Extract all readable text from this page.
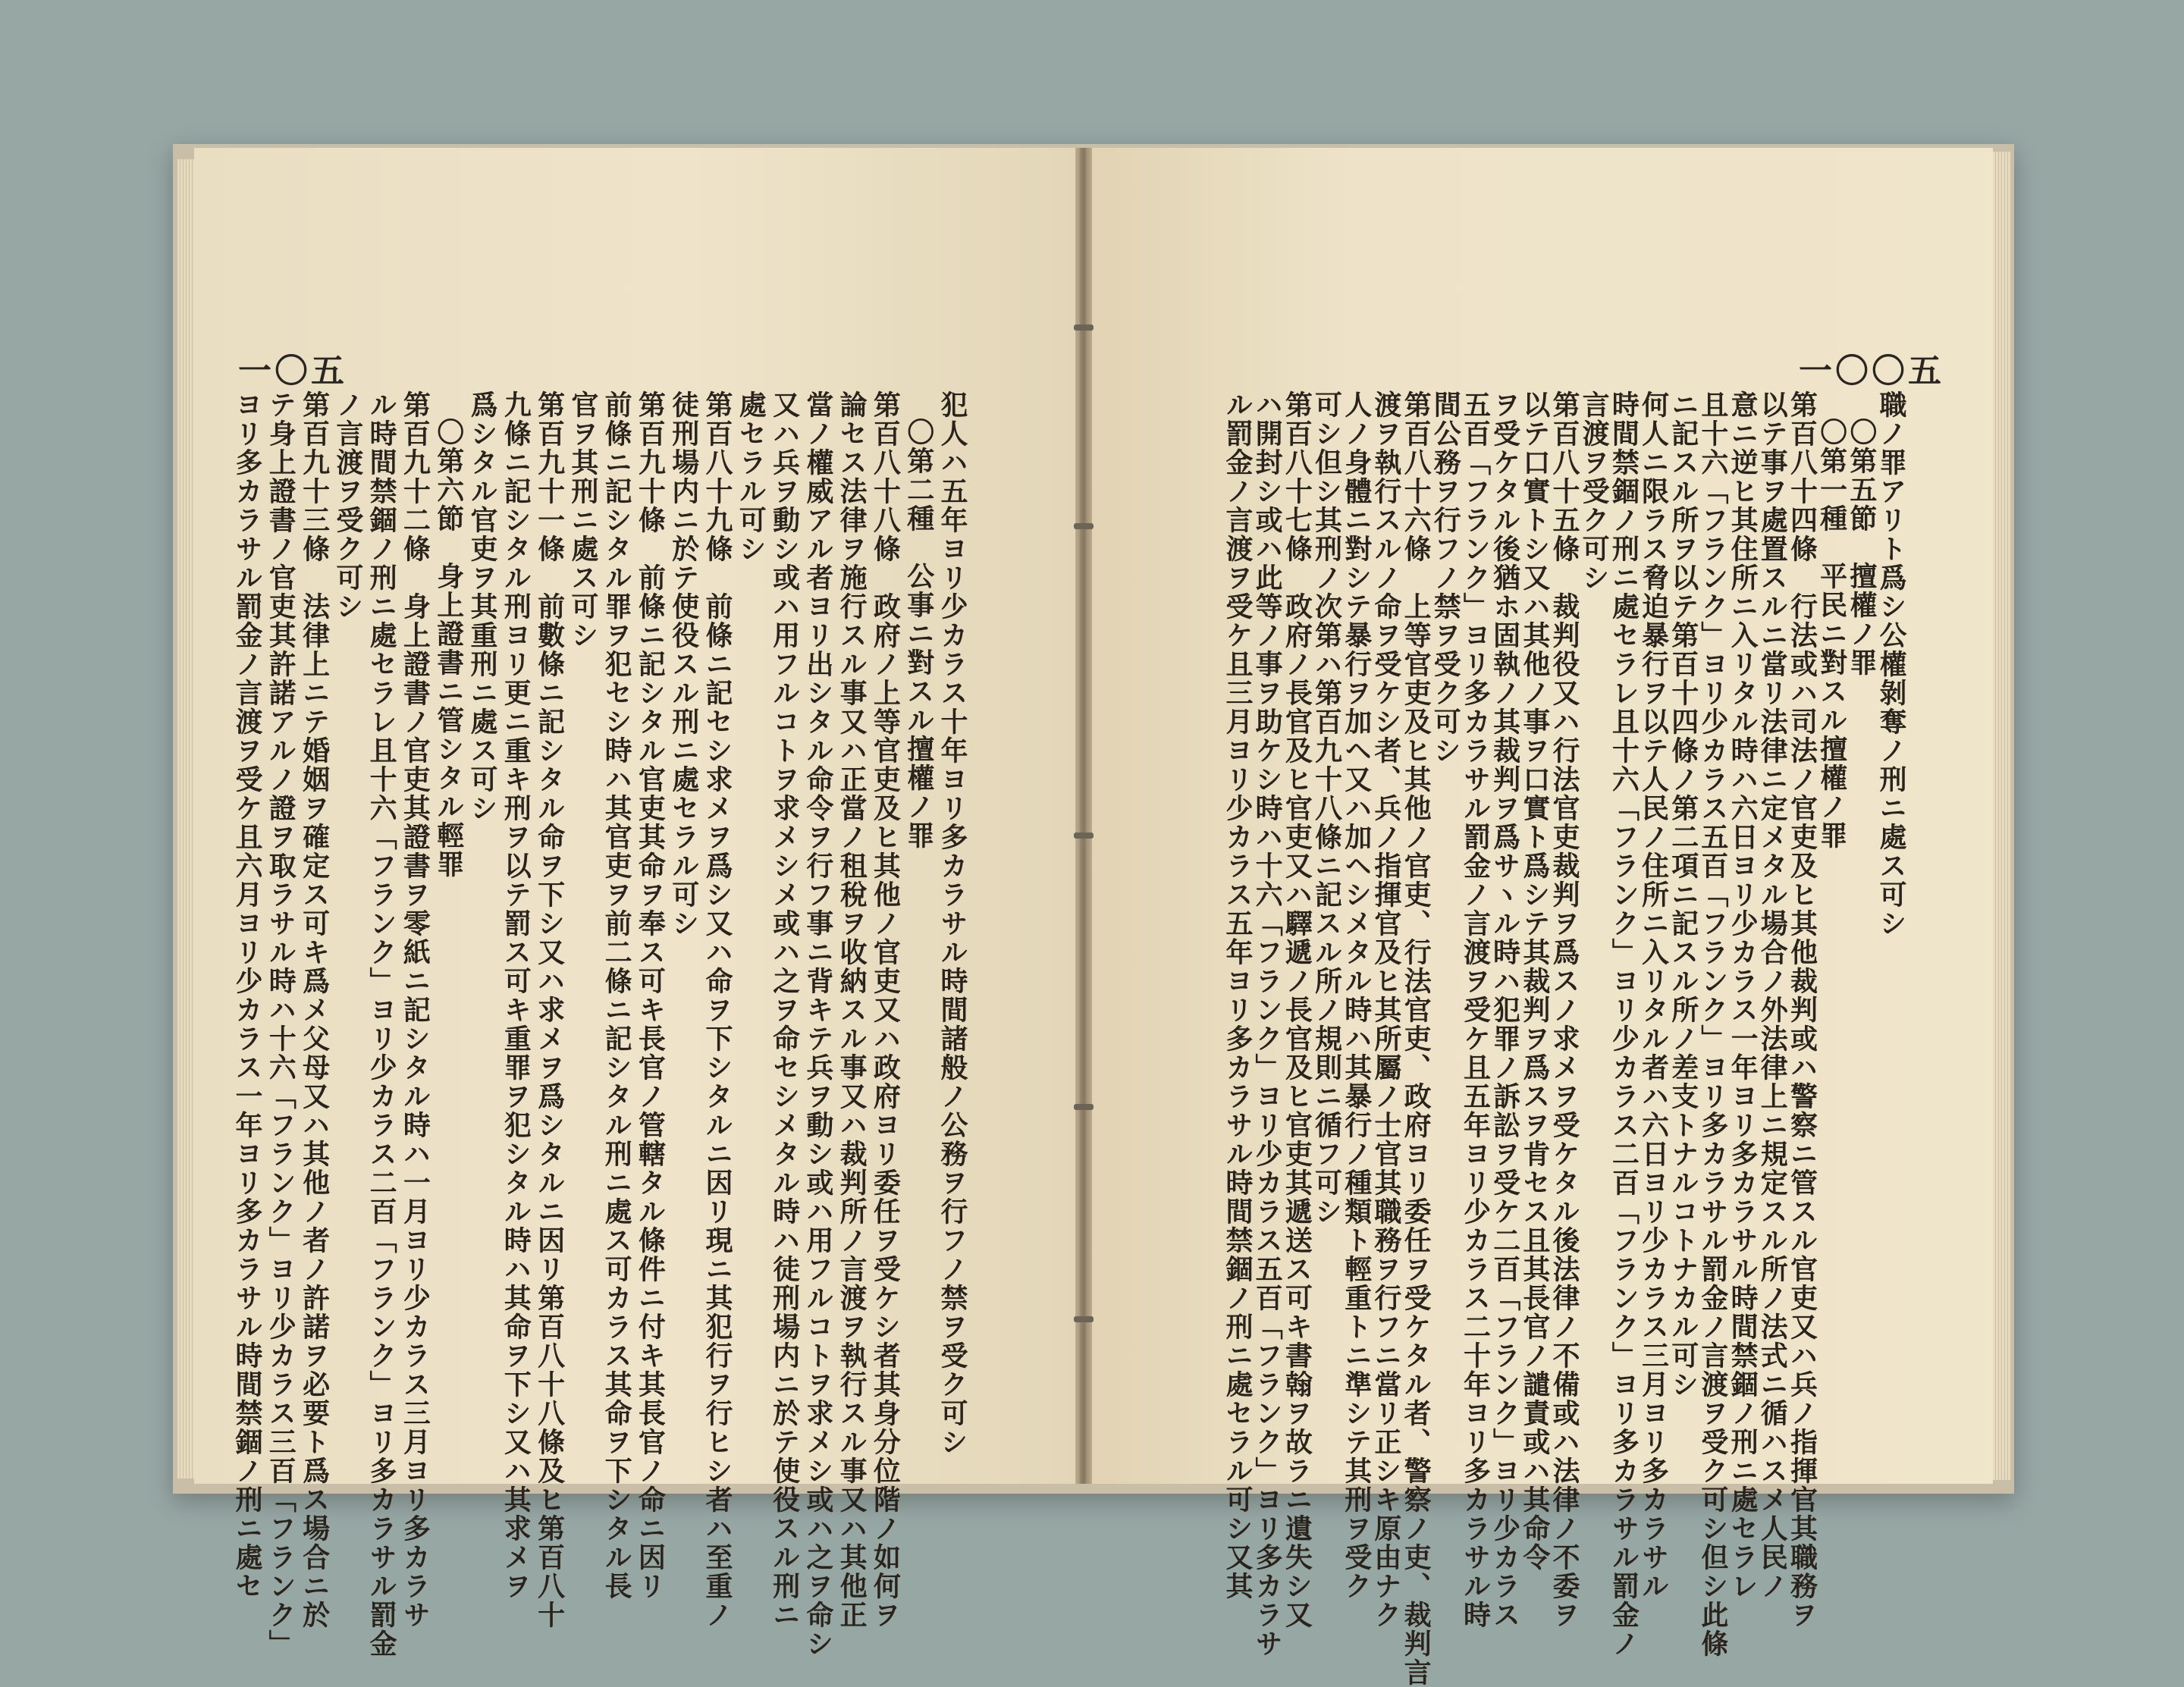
一〇五
犯人ハ五年ヨリ少カラス十年ヨリ多カラサル時間諸般ノ公務ヲ行フノ禁ヲ受ク可シ
〇第二種　公事ニ對スル擅權ノ罪
第百八十八條　政府ノ上等官吏及ヒ其他ノ官吏又ハ政府ヨリ委任ヲ受ケシ者其身分位階ノ如何ヲ
論セス法律ヲ施行スル事又ハ正當ノ租稅ヲ收納スル事又ハ裁判所ノ言渡ヲ執行スル事又ハ其他正
當ノ權威アル者ヨリ出シタル命令ヲ行フ事ニ背キテ兵ヲ動シ或ハ用フルコトヲ求メシ或ハ之ヲ命シ
又ハ兵ヲ動シ或ハ用フルコトヲ求メシメ或ハ之ヲ命セシメタル時ハ徒刑場内ニ於テ使役スル刑ニ
處セラル可シ
第百八十九條　前條ニ記セシ求メヲ爲シ又ハ命ヲ下シタルニ因リ現ニ其犯行ヲ行ヒシ者ハ至重ノ
徒刑場内ニ於テ使役スル刑ニ處セラル可シ
第百九十條　前條ニ記シタル官吏其命ヲ奉ス可キ長官ノ管轄タル條件ニ付キ其長官ノ命ニ因リ
前條ニ記シタル罪ヲ犯セシ時ハ其官吏ヲ前二條ニ記シタル刑ニ處ス可カラス其命ヲ下シタル長
官ヲ其刑ニ處ス可シ
第百九十一條　前數條ニ記シタル命ヲ下シ又ハ求メヲ爲シタルニ因リ第百八十八條及ヒ第百八十
九條ニ記シタル刑ヨリ更ニ重キ刑ヲ以テ罰ス可キ重罪ヲ犯シタル時ハ其命ヲ下シ又ハ其求メヲ
爲シタル官吏ヲ其重刑ニ處ス可シ
〇第六節　身上證書ニ管シタル輕罪
第百九十二條　身上證書ノ官吏其證書ヲ零紙ニ記シタル時ハ一月ヨリ少カラス三月ヨリ多カラサ
ル時間禁錮ノ刑ニ處セラレ且十六「フランク」ヨリ少カラス二百「フランク」ヨリ多カラサル罰金
ノ言渡ヲ受ク可シ
第百九十三條　法律上ニテ婚姻ヲ確定ス可キ爲メ父母又ハ其他ノ者ノ許諾ヲ必要ト爲ス場合ニ於
テ身上證書ノ官吏其許諾アルノ證ヲ取ラサル時ハ十六「フランク」ヨリ少カラス三百「フランク」
ヨリ多カラサル罰金ノ言渡ヲ受ケ且六月ヨリ少カラス一年ヨリ多カラサル時間禁錮ノ刑ニ處セ
一〇〇五
職ノ罪アリト爲シ公權剝奪ノ刑ニ處ス可シ
〇第五節　擅權ノ罪
〇第一種　平民ニ對スル擅權ノ罪
第百八十四條　行法或ハ司法ノ官吏及ヒ其他裁判或ハ警察ニ管スル官吏又ハ兵ノ指揮官其職務ヲ
以テ事ヲ處置スルニ當リ法律ニ定メタル場合ノ外法律上ニ規定スル所ノ法式ニ循ハスメ人民ノ
意ニ逆ヒ其住所ニ入リタル時ハ六日ヨリ少カラス一年ヨリ多カラサル時間禁錮ノ刑ニ處セラレ
且十六「フランク」ヨリ少カラス五百「フランク」ヨリ多カラサル罰金ノ言渡ヲ受ク可シ但シ此條
ニ記スル所ヲ以テ第百十四條ノ第二項ニ記スル所ノ差支トナルコトナカル可シ
何人ニ限ラス脅迫暴行ヲ以テ人民ノ住所ニ入リタル者ハ六日ヨリ少カラス三月ヨリ多カラサル
時間禁錮ノ刑ニ處セラレ且十六「フランク」ヨリ少カラス二百「フランク」ヨリ多カラサル罰金ノ
言渡ヲ受ク可シ
第百八十五條　裁判役又ハ行法官吏裁判ヲ爲スノ求メヲ受ケタル後法律ノ不備或ハ法律ノ不委ヲ
以テ口實トシ又ハ其他ノ事ヲ口實ト爲シテ其裁判ヲ爲スヲ肯セス且其長官ノ譴責或ハ其命令
ヲ受ケタル後猶ホ固執ノ其裁判ヲ爲サヽル時ハ犯罪ノ訴訟ヲ受ケ二百「フランク」ヨリ少カラス
五百「フランク」ヨリ多カラサル罰金ノ言渡ヲ受ケ且五年ヨリ少カラス二十年ヨリ多カラサル時
間公務ヲ行フノ禁ヲ受ク可シ
第百八十六條　上等官吏及ヒ其他ノ官吏、行法官吏、政府ヨリ委任ヲ受ケタル者、警察ノ吏、裁判言
渡ヲ執行スルノ命ヲ受ケシ者、兵ノ指揮官及ヒ其所屬ノ士官其職務ヲ行フニ當リ正シキ原由ナク
人ノ身體ニ對シテ暴行ヲ加ヘ又ハ加ヘシメタル時ハ其暴行ノ種類ト輕重トニ準シテ其刑ヲ受ク
可シ但シ其刑ノ次第ハ第百九十八條ニ記スル所ノ規則ニ循フ可シ
第百八十七條　政府ノ長官及ヒ官吏又ハ驛遞ノ長官及ヒ官吏其遞送ス可キ書翰ヲ故ラニ遺失シ又
ハ開封シ或ハ此等ノ事ヲ助ケシ時ハ十六「フランク」ヨリ少カラス五百「フランク」ヨリ多カラサ
ル罰金ノ言渡ヲ受ケ且三月ヨリ少カラス五年ヨリ多カラサル時間禁錮ノ刑ニ處セラル可シ又其
